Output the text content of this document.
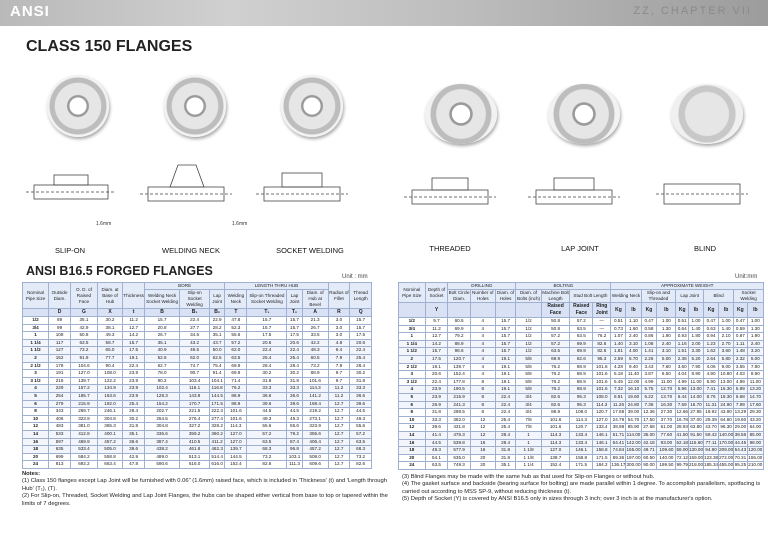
ANSI	ZZ, CHAPTER VII
CLASS 150 FLANGES
1.6mm	1.6mm
SLIP-ON	WELDING NECK	SOCKET WELDING	THREADED	LAP JOINT	BLIND
ANSI B16.5 FORGED FLANGES	Unit : mm	Unit:mm
Nominal Pipe Size	Outside Diam.	O. D. of Raised Face	Diam. at Base of Hub	Thickness	BORE			LENGTH THRU HUB				Radius of Fillet	Thread Length
					Welding Neck Socket Welding	Slip-on Socket Welding	Lap Joint	Welding Neck	Slip-on Threaded Socket Welding	Lap Joint	Diam. of Hub at Bevel		
	D	G	X	t	B	B₁	B₂	T	T₁	T₂	A	R	Q
1/2	89	35.1	30.2	11.2	15.7	22.4	22.9	47.8	15.7	15.7	21.3	3.0	15.7
3/4	99	42.9	38.1	12.7	20.8	27.7	28.2	52.3	15.7	15.7	26.7	3.0	15.7
1	108	50.8	49.3	14.2	26.7	34.5	35.1	55.6	17.5	17.5	33.5	3.0	17.5
1 1/4	117	63.5	58.7	15.7	35.1	43.2	43.7	57.2	20.6	20.6	42.2	4.8	20.6
1 1/2	127	73.2	65.0	17.5	40.9	49.5	50.0	62.0	22.4	22.4	48.3	6.4	22.4
2	152	91.9	77.7	19.1	52.6	62.0	62.5	63.5	25.4	25.4	60.5	7.9	25.4
2 1/2	178	104.6	90.4	22.4	62.7	74.7	75.4	69.9	28.4	28.4	73.2	7.9	28.4
3	191	127.0	108.0	23.9	78.0	90.7	91.4	69.9	30.2	30.2	88.9	9.7	30.2
3 1/2	216	139.7	122.2	23.9	90.2	103.4	104.1	71.4	31.8	31.8	101.6	9.7	31.8
4	229	157.2	134.9	23.9	102.4	116.1	116.8	76.2	33.3	33.3	114.3	11.2	33.3
5	254	185.7	163.6	23.9	128.3	143.8	144.5	88.9	36.6	36.6	141.2	11.2	36.6
6	279	215.9	192.0	25.4	154.2	170.7	171.5	88.9	39.6	39.6	168.4	12.7	39.6
8	343	269.7	246.1	28.4	202.7	221.5	222.3	101.6	44.5	44.5	219.2	12.7	44.5
10	406	323.9	304.8	30.2	254.5	276.4	277.4	101.6	49.3	49.3	273.1	12.7	49.3
12	483	381.0	365.3	31.8	304.8	327.2	328.2	114.3	55.6	55.6	323.9	12.7	55.6
14	533	412.8	400.1	35.1	336.6	359.2	360.2	127.0	57.2	79.2	355.6	12.7	57.2
16	597	469.9	457.2	36.6	387.4	410.5	411.2	127.0	63.5	87.4	406.4	12.7	63.5
18	635	533.4	505.0	39.6	438.2	461.8	462.3	139.7	68.3	96.8	457.2	12.7	68.3
20	699	584.2	558.8	42.9	489.0	513.1	514.4	144.5	73.2	103.1	508.0	12.7	73.2
24	813	692.2	663.4	47.8	590.6	616.0	616.0	152.4	82.6	111.3	609.6	12.7	82.6
Nominal Pipe Size	Depth of Socket	DRILLING			BOLTING				APPROXIMATE WEIGHT									
		Bolt Circle Diam.	Number of Holes	Diam. of Holes	Diam. of Bolts (inch)	Machine Bolt Length	Stud Bolt Length		Welding Neck		Slip-on and Threaded		Lap Joint		Blind		Socket Welding	
	Y					Raised Face	Raised Face	Ring Joint	Kg	lb	Kg	lb	Kg	lb	Kg	lb	Kg	lb
1/2	9.7	60.5	4	15.7	1/2	50.8	57.2	—	0.51	1.10	0.47	1.00	0.51	1.00	0.47	1.00	0.47	1.00
3/4	11.2	69.9	4	15.7	1/2	50.8	63.5	—	0.73	1.60	0.58	1.30	0.64	1.40	0.63	1.40	0.59	1.30
1	12.7	79.2	4	15.7	1/2	57.2	63.5	76.2	1.07	2.40	0.86	1.90	0.93	1.80	0.94	2.10	0.87	1.90
1 1/4	14.2	88.9	4	15.7	1/2	57.2	69.9	82.6	1.40	3.10	1.08	2.40	1.16	2.00	1.23	2.70	1.11	2.40
1 1/2	15.7	98.6	4	15.7	1/2	63.5	69.9	82.6	1.81	4.00	1.41	3.10	1.51	3.30	1.62	3.60	1.48	3.20
2	17.5	120.7	4	19.1	5/8	69.9	82.6	95.3	2.59	5.70	2.26	5.00	2.38	5.20	2.64	5.80	2.32	5.00
2 1/2	19.1	139.7	4	19.1	5/8	76.2	88.9	101.6	4.28	9.40	3.43	7.60	3.60	7.90	4.06	9.00	3.55	7.80
3	20.6	152.4	4	19.1	5/8	76.2	88.9	101.6	5.18	11.40	3.87	8.50	4.04	8.90	4.90	10.80	4.03	8.90
3 1/2	22.4	177.8	8	19.1	5/8	76.2	88.9	101.6	5.45	12.00	4.99	11.00	4.99	11.00	5.90	13.00	4.99	11.00
4	23.9	190.5	8	19.1	5/8	76.2	88.9	101.6	7.32	16.10	5.75	12.70	5.96	13.00	7.41	16.30	5.99	13.20
5	23.9	215.9	8	22.4	3/4	82.6	95.3	108.0	8.91	19.60	6.22	13.70	6.44	14.00	8.76	19.30	6.68	14.70
6	26.9	241.3	8	22.4	3/4	82.6	95.3	114.3	11.26	24.80	7.38	16.30	7.59	16.70	11.31	24.90	7.99	17.60
8	31.8	298.5	8	22.4	3/4	88.9	108.0	120.7	17.68	39.00	12.36	27.30	12.66	27.95	19.92	43.90	13.29	29.30
10	33.3	362.0	12	25.4	7/8	101.6	114.3	127.0	24.79	54.70	17.50	37.70	16.78	37.00	29.39	64.80	19.60	43.20
12	39.6	431.8	12	25.4	7/8	101.6	120.7	133.4	38.98	85.90	27.68	61.00	28.93	63.80	43.70	96.30	29.00	64.00
14	41.4	476.3	12	28.4	1	114.3	133.4	146.1	51.71	114.00	35.00	77.60	41.50	91.50	59.42	140.00	38.56	85.00
16	44.5	539.8	16	28.4	1	114.3	133.4	146.1	64.41	142.00	42.18	93.00	52.18	115.60	77.11	170.00	44.45	98.00
18	49.3	577.9	16	31.8	1 1/8	127.0	146.1	158.8	74.84	165.00	49.71	109.60	59.00	130.00	94.80	209.00	54.43	120.00
20	54.1	635.0	20	31.8	1 1/8	139.7	158.8	171.5	89.36	197.00	60.50	140.00	72.12	159.00	123.38	272.00	70.31	155.00
24	63.5	749.3	20	35.1	1 1/4	152.4	171.5	184.2	136.17	300.00	90.00	199.50	99.79	218.00	185.34	455.00	95.25	210.00
Notes:
(1) Class 150 flanges except Lap Joint will be furnished with 0.06" (1.6mm) raised face, which is included in 'Thickness' (t) and 'Length through Hub' (T₁), (T).
(2) For Slip-on, Threaded, Socket Welding and Lap Joint Flanges, the hubs can be shaped either vertical from base to top or tapered within the limits of 7 degrees.
(3) Blind Flanges may be made with the same hub as that used for Slip-on Flanges or without hub.
(4) The gasket surface and backside (bearing surface for bolting) are made parallel within 1 degree. To accomplish parallelism, spotfacing is carried out according to MSS SP-9, without reducing thickness (t).
(5) Depth of Socket (Y) is covered by ANSI B16.5 only in sizes through 3 inch; over 3 inch is at the manufacturer's option.
